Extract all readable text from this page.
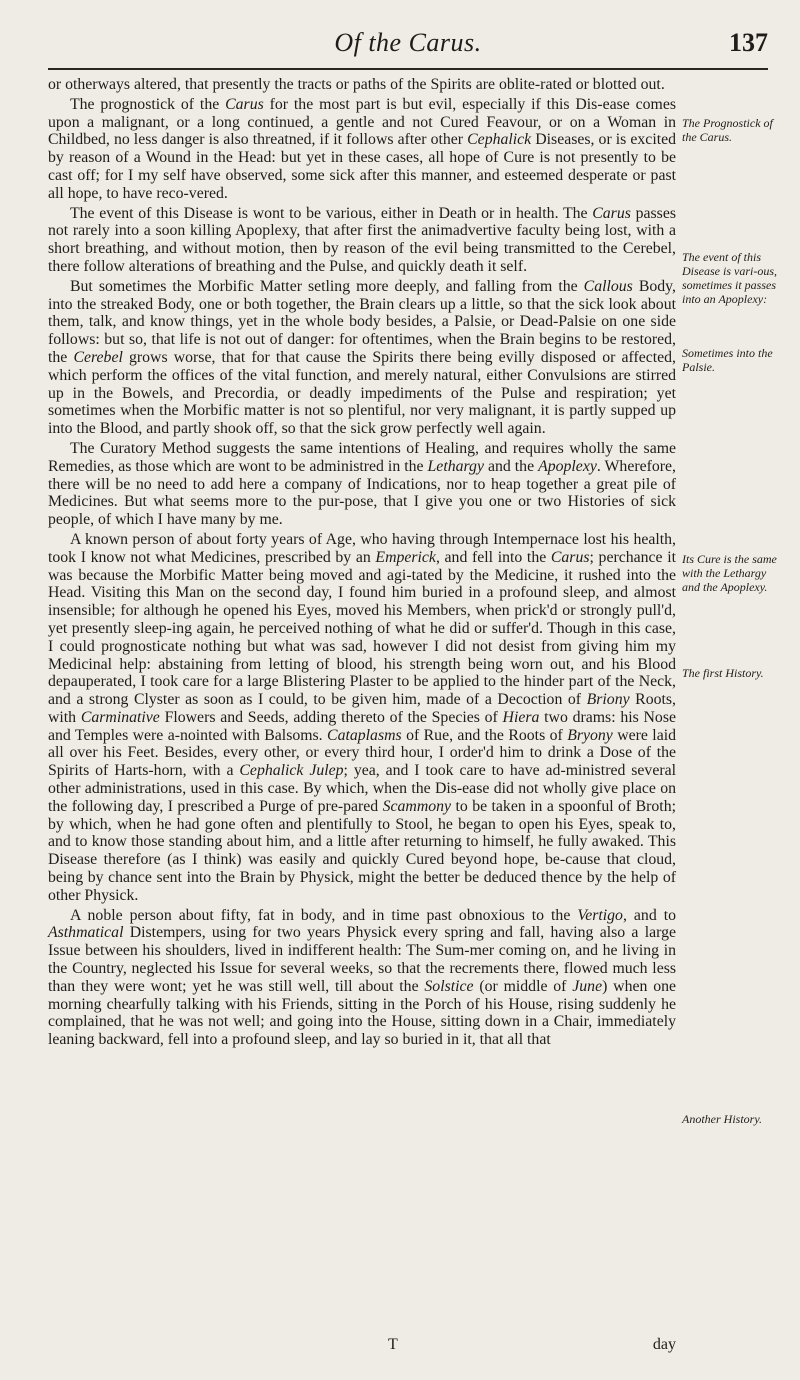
Of the Carus.	137

or otherways altered, that presently the tracts or paths of the Spirits are oblite-rated or blotted out.

The prognostick of the Carus for the most part is but evil, especially if this Dis-ease comes upon a malignant, or a long continued, a gentle and not Cured Feavour, or on a Woman in Childbed, no less danger is also threatned, if it follows after other Cephalick Diseases, or is excited by reason of a Wound in the Head: but yet in these cases, all hope of Cure is not presently to be cast off; for I my self have observed, some sick after this manner, and esteemed desperate or past all hope, to have reco-vered.

The event of this Disease is wont to be various, either in Death or in health. The Carus passes not rarely into a soon killing Apoplexy, that after first the animadvertive faculty being lost, with a short breathing, and without motion, then by reason of the evil being transmitted to the Cerebel, there follow alterations of breathing and the Pulse, and quickly death it self.

But sometimes the Morbific Matter setling more deeply, and falling from the Callous Body, into the streaked Body, one or both together, the Brain clears up a little, so that the sick look about them, talk, and know things, yet in the whole body besides, a Palsie, or Dead-Palsie on one side follows: but so, that life is not out of danger: for oftentimes, when the Brain begins to be restored, the Cerebel grows worse, that for that cause the Spirits there being evilly disposed or affected, which perform the offices of the vital function, and merely natural, either Convulsions are stirred up in the Bowels, and Precordia, or deadly impediments of the Pulse and respiration; yet sometimes when the Morbific matter is not so plentiful, nor very malignant, it is partly supped up into the Blood, and partly shook off, so that the sick grow perfectly well again.

The Curatory Method suggests the same intentions of Healing, and requires wholly the same Remedies, as those which are wont to be administred in the Lethargy and the Apoplexy. Wherefore, there will be no need to add here a company of Indications, nor to heap together a great pile of Medicines. But what seems more to the pur-pose, that I give you one or two Histories of sick people, of which I have many by me.

A known person of about forty years of Age, who having through Intempernace lost his health, took I know not what Medicines, prescribed by an Emperick, and fell into the Carus; perchance it was because the Morbific Matter being moved and agi-tated by the Medicine, it rushed into the Head. Visiting this Man on the second day, I found him buried in a profound sleep, and almost insensible; for although he opened his Eyes, moved his Members, when prick'd or strongly pull'd, yet presently sleep-ing again, he perceived nothing of what he did or suffer'd. Though in this case, I could prognosticate nothing but what was sad, however I did not desist from giving him my Medicinal help: abstaining from letting of blood, his strength being worn out, and his Blood depauperated, I took care for a large Blistering Plaster to be applied to the hinder part of the Neck, and a strong Clyster as soon as I could, to be given him, made of a Decoction of Briony Roots, with Carminative Flowers and Seeds, adding thereto of the Species of Hiera two drams: his Nose and Temples were a-nointed with Balsoms. Cataplasms of Rue, and the Roots of Bryony were laid all over his Feet. Besides, every other, or every third hour, I order'd him to drink a Dose of the Spirits of Harts-horn, with a Cephalick Julep; yea, and I took care to have ad-ministred several other administrations, used in this case. By which, when the Dis-ease did not wholly give place on the following day, I prescribed a Purge of pre-pared Scammony to be taken in a spoonful of Broth; by which, when he had gone often and plentifully to Stool, he began to open his Eyes, speak to, and to know those standing about him, and a little after returning to himself, he fully awaked. This Disease therefore (as I think) was easily and quickly Cured beyond hope, be-cause that cloud, being by chance sent into the Brain by Physick, might the better be deduced thence by the help of other Physick.

A noble person about fifty, fat in body, and in time past obnoxious to the Vertigo, and to Asthmatical Distempers, using for two years Physick every spring and fall, having also a large Issue between his shoulders, lived in indifferent health: The Sum-mer coming on, and he living in the Country, neglected his Issue for several weeks, so that the recrements there, flowed much less than they were wont; yet he was still well, till about the Solstice (or middle of June) when one morning chearfully talking with his Friends, sitting in the Porch of his House, rising suddenly he complained, that he was not well; and going into the House, sitting down in a Chair, immediately leaning backward, fell into a profound sleep, and lay so buried in it, that all that

The Prognostick of the Carus.
The event of this Disease is vari-ous, sometimes it passes into an Apoplexy:
Sometimes into the Palsie.
Its Cure is the same with the Lethargy and the Apoplexy.
The first History.
Another History.
T	day
